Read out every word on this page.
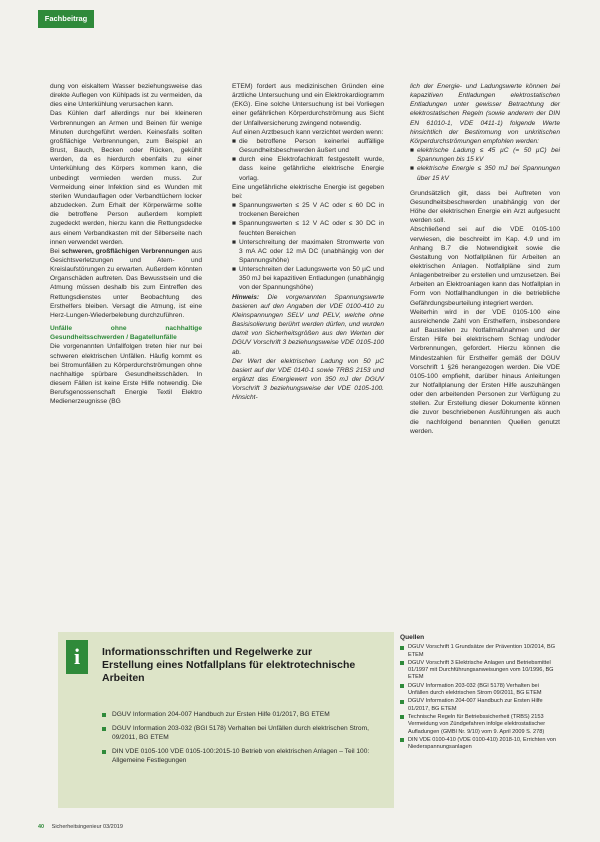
Fachbeitrag

dung von eiskaltem Wasser beziehungsweise das direkte Auflegen von Kühlpads ist zu vermeiden, da dies eine Unterkühlung verursachen kann.

Das Kühlen darf allerdings nur bei kleineren Verbrennungen an Armen und Beinen für wenige Minuten durchgeführt werden. Keinesfalls sollten großflächige Verbrennungen, zum Beispiel an Brust, Bauch, Becken oder Rücken, gekühlt werden, da es hierdurch ebenfalls zu einer Unterkühlung des Körpers kommen kann, die unbedingt vermieden werden muss. Zur Vermeidung einer Infektion sind es Wunden mit sterilen Wundauflagen oder Verbandtüchern locker abzudecken. Zum Erhalt der Körperwärme sollte die betroffene Person außerdem komplett zugedeckt werden, hierzu kann die Rettungsdecke aus einem Verbandkasten mit der Silberseite nach innen verwendet werden.

Bei schweren, großflächigen Verbrennungen aus Gesichtsverletzungen und Atem- und Kreislaufstörungen zu erwarten. Außerdem könnten Organschäden auftreten. Das Bewusstsein und die Atmung müssen deshalb bis zum Eintreffen des Rettungsdienstes unter Beobachtung des Ersthelfers bleiben. Versagt die Atmung, ist eine Herz-Lungen-Wiederbelebung durchzuführen.

Unfälle ohne nachhaltige Gesundheitsschwerden / Bagatellunfälle

Die vorgenannten Unfallfolgen treten hier nur bei schweren elektrischen Unfällen. Häufig kommt es bei Stromunfällen zu Körperdurchströmungen ohne nachhaltige spürbare Gesundheitsschäden. In diesem Fällen ist keine Erste Hilfe notwendig. Die Berufsgenossenschaft Energie Textil Elektro Medienerzeugnisse (BG

ETEM) fordert aus medizinischen Gründen eine ärztliche Untersuchung und ein Elektrokardiogramm (EKG). Eine solche Untersuchung ist bei Vorliegen einer gefährlichen Körperdurchströmung aus Sicht der Unfallversicherung zwingend notwendig.

Auf einen Arztbesuch kann verzichtet werden wenn:

■ die betroffene Person keinerlei auffällige Gesundheitsbeschwerden äußert und
■ durch eine Elektrofachkraft festgestellt wurde, dass keine gefährliche elektrische Energie vorlag.

Eine ungefährliche elektrische Energie ist gegeben bei:

■ Spannungswerten ≤ 25 V AC oder ≤ 60 DC in trockenen Bereichen
■ Spannungswerten ≤ 12 V AC oder ≤ 30 DC in feuchten Bereichen
■ Unterschreitung der maximalen Stromwerte von 3 mA AC oder 12 mA DC (unabhängig von der Spannungshöhe)
■ Unterschreiten der Ladungswerte von 50 µC und 350 mJ bei kapazitiven Entladungen (unabhängig von der Spannungshöhe)

Hinweis: Die vorgenannten Spannungswerte basieren auf den Angaben der VDE 0100-410 zu Kleinspannungen SELV und PELV, welche ohne Basisisolierung berührt werden dürfen, und wurden damit von Sicherheitsgrößen aus den Werten der DGUV Vorschrift 3 beziehungsweise VDE 0105-100 ab.

Der Wert der elektrischen Ladung von 50 µC basiert auf der VDE 0140-1 sowie TRBS 2153 und ergänzt das Energiewert von 350 mJ der DGUV Vorschrift 3 beziehungsweise der VDE 0105-100. Hinsicht-

lich der Energie- und Ladungswerte können bei kapazitiven Entladungen elektrostatischen Entladungen unter gewisser Betrachtung der elektrostatischen Regeln (sowie anderem der DIN EN 61010-1, VDE 0411-1) folgende Werte hinsichtlich der Bestimmung von unkritischen Körperdurchströmungen empfohlen werden:

■ elektrische Ladung ≤ 45 µC (= 50 µC) bei Spannungen bis 15 kV
■ elektrische Energie ≤ 350 mJ bei Spannungen über 15 kV

Grundsätzlich gilt, dass bei Auftreten von Gesundheitsbeschwerden unabhängig von der Höhe der elektrischen Energie ein Arzt aufgesucht werden soll.

Abschließend sei auf die VDE 0105-100 verwiesen, die beschreibt im Kap. 4.9 und im Anhang B.7 die Notwendigkeit sowie die Gestaltung von Notfallplänen für Arbeiten an elektrischen Anlagen. Notfallpläne sind zum Anlagenbetreiber zu erstellen und umzusetzen. Bei Arbeiten an Elektroanlagen kann das Notfallplan in Form von Notfallhandlungen in die betriebliche Gefährdungsbeurteilung integriert werden.

Weiterhin wird in der VDE 0105-100 eine ausreichende Zahl von Ersthelfern, insbesondere auf Baustellen zu Notfallmaßnahmen und der Ersten Hilfe bei elektrischem Schlag und/oder Verbrennungen, gefordert. Hierzu können die Mindestzahlen für Ersthelfer gemäß der DGUV Vorschrift 1 §26 herangezogen werden. Die VDE 0105-100 empfiehlt, darüber hinaus Anleitungen zur Notfallplanung der Ersten Hilfe auszuhängen oder den arbeitenden Personen zur Verfügung zu stellen. Zur Erstellung dieser Dokumente können die zuvor beschriebenen Ausführungen als auch die nachfolgend benannten Quellen genutzt werden.

i	Informationsschriften und Regelwerke zur Erstellung eines Notfallplans für elektrotechnische Arbeiten
DGUV Information 204-007 Handbuch zur Ersten Hilfe 01/2017, BG ETEM
DGUV Information 203-032 (BGI 5178) Verhalten bei Unfällen durch elektrischen Strom, 09/2011, BG ETEM
DIN VDE 0105-100 VDE 0105-100:2015-10 Betrieb von elektrischen Anlagen – Teil 100: Allgemeine Festlegungen
Quellen
DGUV Vorschrift 1 Grundsätze der Prävention 10/2014, BG ETEM
DGUV Vorschrift 3 Elektrische Anlagen und Betriebsmittel 01/1997 mit Durchführungsanweisungen vom 10/1996, BG ETEM
DGUV Information 203-032 (BGI 5178) Verhalten bei Unfällen durch elektrischen Strom 09/2011, BG ETEM
DGUV Information 204-007 Handbuch zur Ersten Hilfe 01/2017, BG ETEM
Technische Regeln für Betriebssicherheit (TRBS) 2153 Vermeidung von Zündgefahren infolge elektrostatischer Aufladungen (GMBl Nr. 9/10) vom 9. April 2009 S. 278)
DIN VDE 0100-410 (VDE 0100-410) 2018-10, Errichten von Niederspannungsanlagen
40 Sicherheitsingenieur 03/2019
